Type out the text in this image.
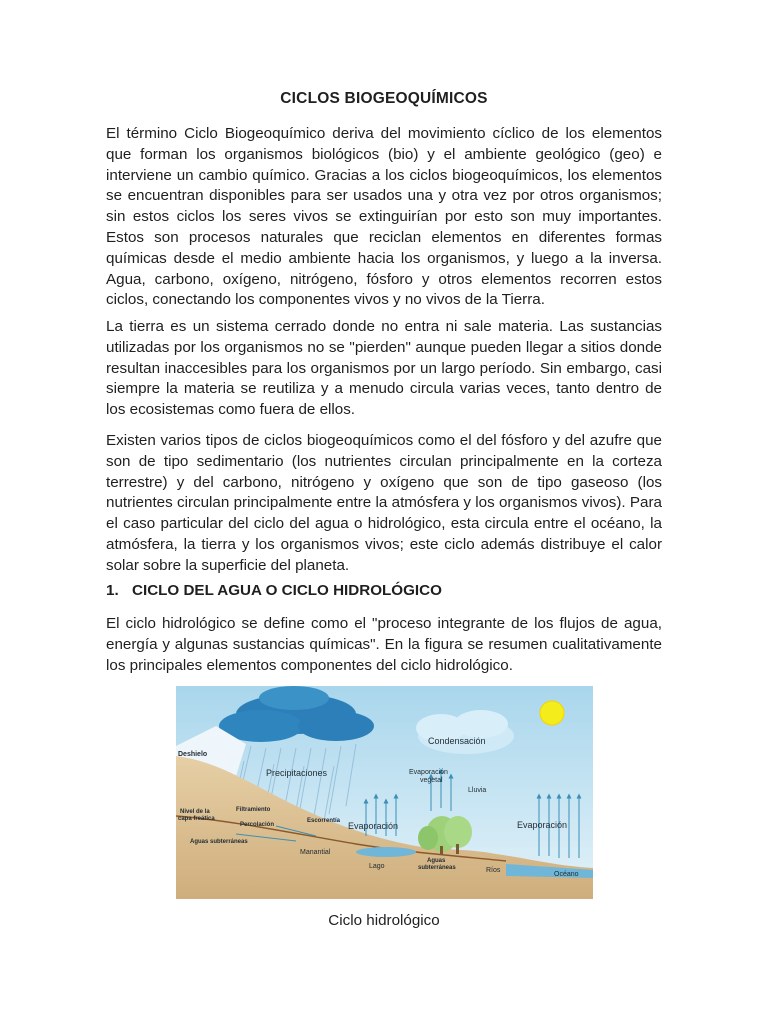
CICLOS BIOGEOQUÍMICOS

El término Ciclo Biogeoquímico deriva del movimiento cíclico de los elementos que forman los organismos biológicos (bio) y el ambiente geológico (geo) e interviene un cambio químico. Gracias a los ciclos biogeoquímicos, los elementos se encuentran disponibles para ser usados una y otra vez por otros organismos; sin estos ciclos los seres vivos se extinguirían por esto son muy importantes. Estos son procesos naturales que reciclan elementos en diferentes formas químicas desde el medio ambiente hacia los organismos, y luego a la inversa. Agua, carbono, oxígeno, nitrógeno, fósforo y otros elementos recorren estos ciclos, conectando los componentes vivos y no vivos de la Tierra.

La tierra es un sistema cerrado donde no entra ni sale materia. Las sustancias utilizadas por los organismos no se "pierden" aunque pueden llegar a sitios donde resultan inaccesibles para los organismos por un largo período. Sin embargo, casi siempre la materia se reutiliza y a menudo circula varias veces, tanto dentro de los ecosistemas como fuera de ellos.

Existen varios tipos de ciclos biogeoquímicos como el del fósforo y del azufre que son de tipo sedimentario (los nutrientes circulan principalmente en la corteza terrestre) y del carbono, nitrógeno y oxígeno que son de tipo gaseoso (los nutrientes circulan principalmente entre la atmósfera y los organismos vivos). Para el caso particular del ciclo del agua o hidrológico, esta circula entre el océano, la atmósfera, la tierra y los organismos vivos; este ciclo además distribuye el calor solar sobre la superficie del planeta.

1. CICLO DEL AGUA O CICLO HIDROLÓGICO

El ciclo hidrológico se define como el "proceso integrante de los flujos de agua, energía y algunas sustancias químicas". En la figura se resumen cualitativamente los principales elementos componentes del ciclo hidrológico.

Deshielo
Precipitaciones
Condensación
Evaporación
vegetal
Lluvia
Nivel de la
capa freática
Filtramiento
Percolación
Escorrentía Evaporación	Evaporación
Aguas subterráneas
Manantial
Lago
Aguas
subterráneas	Ríos
Océano
Ciclo hidrológico
